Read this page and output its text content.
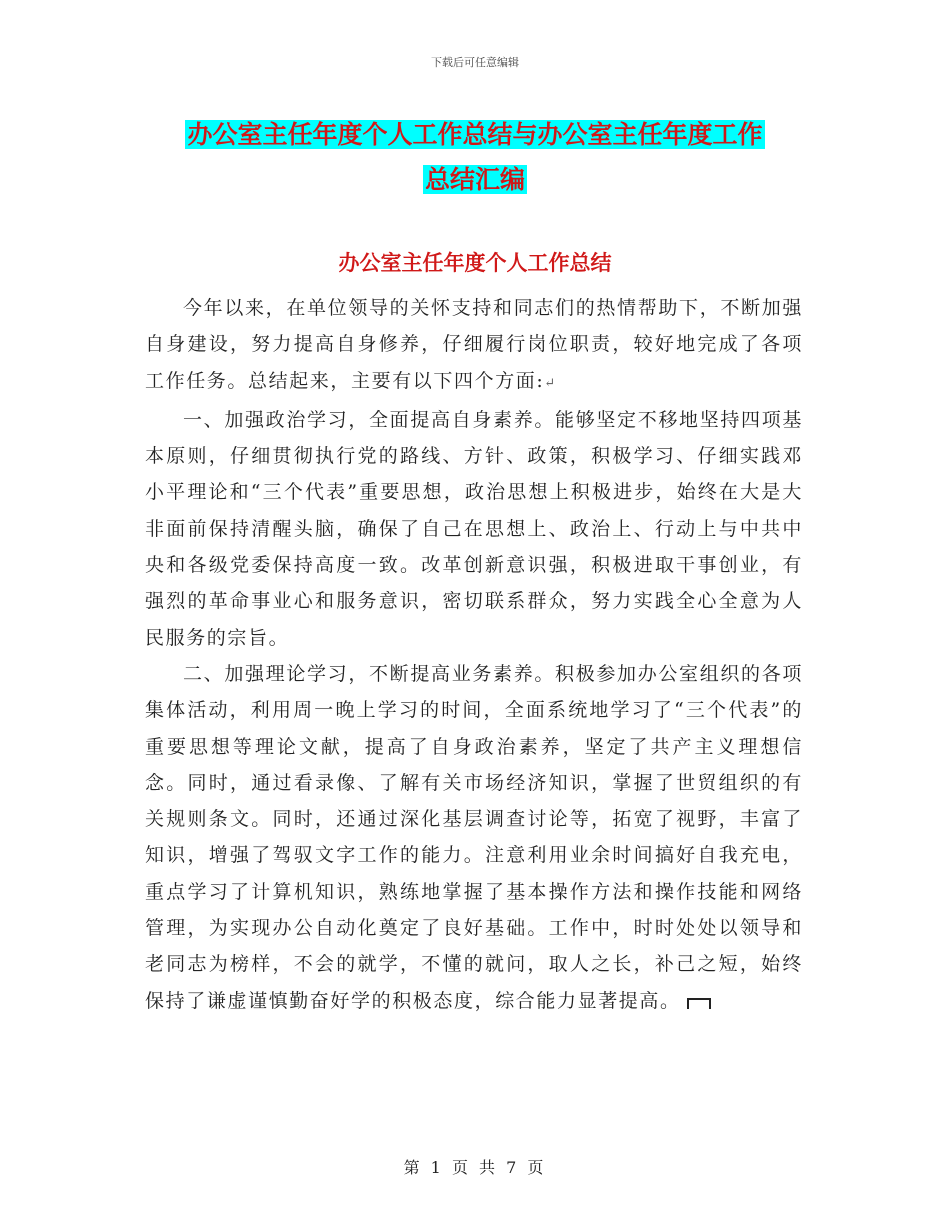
下载后可任意编辑
办公室主任年度个人工作总结与办公室主任年度工作
总结汇编
办公室主任年度个人工作总结

今年以来，在单位领导的关怀支持和同志们的热情帮助下，不断加强自身建设，努力提高自身修养，仔细履行岗位职责，较好地完成了各项工作任务。总结起来，主要有以下四个方面:↵

一、加强政治学习，全面提高自身素养。能够坚定不移地坚持四项基本原则，仔细贯彻执行党的路线、方针、政策，积极学习、仔细实践邓小平理论和“三个代表”重要思想，政治思想上积极进步，始终在大是大非面前保持清醒头脑，确保了自己在思想上、政治上、行动上与中共中央和各级党委保持高度一致。改革创新意识强，积极进取干事创业，有强烈的革命事业心和服务意识，密切联系群众，努力实践全心全意为人民服务的宗旨。

二、加强理论学习，不断提高业务素养。积极参加办公室组织的各项集体活动，利用周一晚上学习的时间，全面系统地学习了“三个代表”的重要思想等理论文献，提高了自身政治素养，坚定了共产主义理想信念。同时，通过看录像、了解有关市场经济知识，掌握了世贸组织的有关规则条文。同时，还通过深化基层调查讨论等，拓宽了视野，丰富了知识，增强了驾驭文字工作的能力。注意利用业余时间搞好自我充电，重点学习了计算机知识，熟练地掌握了基本操作方法和操作技能和网络管理，为实现办公自动化奠定了良好基础。工作中，时时处处以领导和老同志为榜样，不会的就学，不懂的就问，取人之长，补己之短，始终保持了谦虚谨慎勤奋好学的积极态度，综合能力显著提高。

第 1 页 共 7 页
